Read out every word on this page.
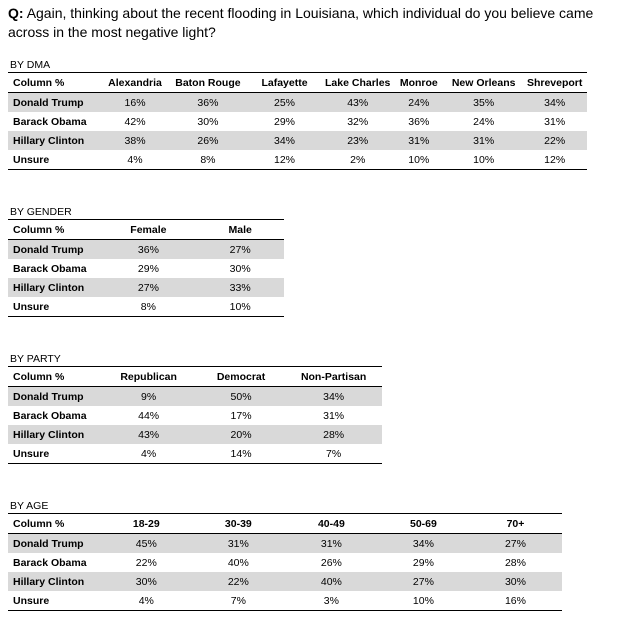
Q: Again, thinking about the recent flooding in Louisiana, which individual do you believe came across in the most negative light?
BY DMA
Column %	Alexandria	Baton Rouge	Lafayette	Lake Charles	Monroe	New Orleans	Shreveport
Donald Trump	16%	36%	25%	43%	24%	35%	34%
Barack Obama	42%	30%	29%	32%	36%	24%	31%
Hillary Clinton	38%	26%	34%	23%	31%	31%	22%
Unsure	4%	8%	12%	2%	10%	10%	12%
BY GENDER
Column %	Female	Male
Donald Trump	36%	27%
Barack Obama	29%	30%
Hillary Clinton	27%	33%
Unsure	8%	10%
BY PARTY
Column %	Republican	Democrat	Non-Partisan
Donald Trump	9%	50%	34%
Barack Obama	44%	17%	31%
Hillary Clinton	43%	20%	28%
Unsure	4%	14%	7%
BY AGE
Column %	18-29	30-39	40-49	50-69	70+
Donald Trump	45%	31%	31%	34%	27%
Barack Obama	22%	40%	26%	29%	28%
Hillary Clinton	30%	22%	40%	27%	30%
Unsure	4%	7%	3%	10%	16%
